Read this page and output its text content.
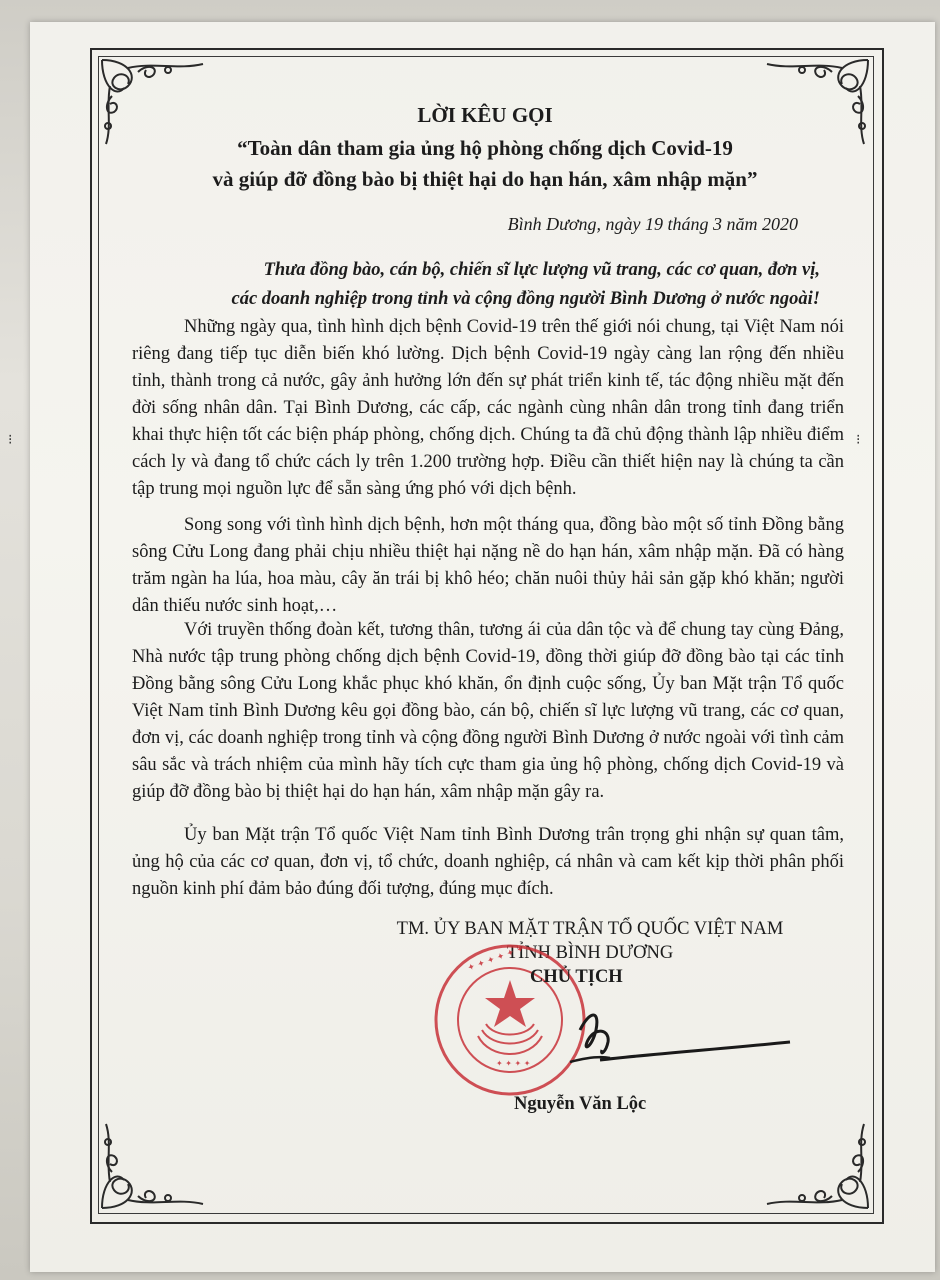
LỜI KÊU GỌI
“Toàn dân tham gia ủng hộ phòng chống dịch Covid-19
và giúp đỡ đồng bào bị thiệt hại do hạn hán, xâm nhập mặn”
Bình Dương, ngày 19 tháng 3 năm 2020
Thưa đồng bào, cán bộ, chiến sĩ lực lượng vũ trang, các cơ quan, đơn vị,
các doanh nghiệp trong tỉnh và cộng đồng người Bình Dương ở nước ngoài!

Những ngày qua, tình hình dịch bệnh Covid-19 trên thế giới nói chung, tại Việt Nam nói riêng đang tiếp tục diễn biến khó lường. Dịch bệnh Covid-19 ngày càng lan rộng đến nhiều tỉnh, thành trong cả nước, gây ảnh hưởng lớn đến sự phát triển kinh tế, tác động nhiều mặt đến đời sống nhân dân. Tại Bình Dương, các cấp, các ngành cùng nhân dân trong tỉnh đang triển khai thực hiện tốt các biện pháp phòng, chống dịch. Chúng ta đã chủ động thành lập nhiều điểm cách ly và đang tổ chức cách ly trên 1.200 trường hợp. Điều cần thiết hiện nay là chúng ta cần tập trung mọi nguồn lực để sẵn sàng ứng phó với dịch bệnh.

Song song với tình hình dịch bệnh, hơn một tháng qua, đồng bào một số tỉnh Đồng bằng sông Cửu Long đang phải chịu nhiều thiệt hại nặng nề do hạn hán, xâm nhập mặn. Đã có hàng trăm ngàn ha lúa, hoa màu, cây ăn trái bị khô héo; chăn nuôi thủy hải sản gặp khó khăn; người dân thiếu nước sinh hoạt,…

Với truyền thống đoàn kết, tương thân, tương ái của dân tộc và để chung tay cùng Đảng, Nhà nước tập trung phòng chống dịch bệnh Covid-19, đồng thời giúp đỡ đồng bào tại các tỉnh Đồng bằng sông Cửu Long khắc phục khó khăn, ổn định cuộc sống, Ủy ban Mặt trận Tổ quốc Việt Nam tỉnh Bình Dương kêu gọi đồng bào, cán bộ, chiến sĩ lực lượng vũ trang, các cơ quan, đơn vị, các doanh nghiệp trong tỉnh và cộng đồng người Bình Dương ở nước ngoài với tình cảm sâu sắc và trách nhiệm của mình hãy tích cực tham gia ủng hộ phòng, chống dịch Covid-19 và giúp đỡ đồng bào bị thiệt hại do hạn hán, xâm nhập mặn gây ra.

Ủy ban Mặt trận Tổ quốc Việt Nam tỉnh Bình Dương trân trọng ghi nhận sự quan tâm, ủng hộ của các cơ quan, đơn vị, tổ chức, doanh nghiệp, cá nhân và cam kết kịp thời phân phối nguồn kinh phí đảm bảo đúng đối tượng, đúng mục đích.

TM. ỦY BAN MẶT TRẬN TỔ QUỐC VIỆT NAM
TỈNH BÌNH DƯƠNG
✦ ✦ ✦ ✦ ✦ ✦
✦ ✦ ✦ ✦
CHỦ TỊCH
Nguyễn Văn Lộc
⁝	⁝
